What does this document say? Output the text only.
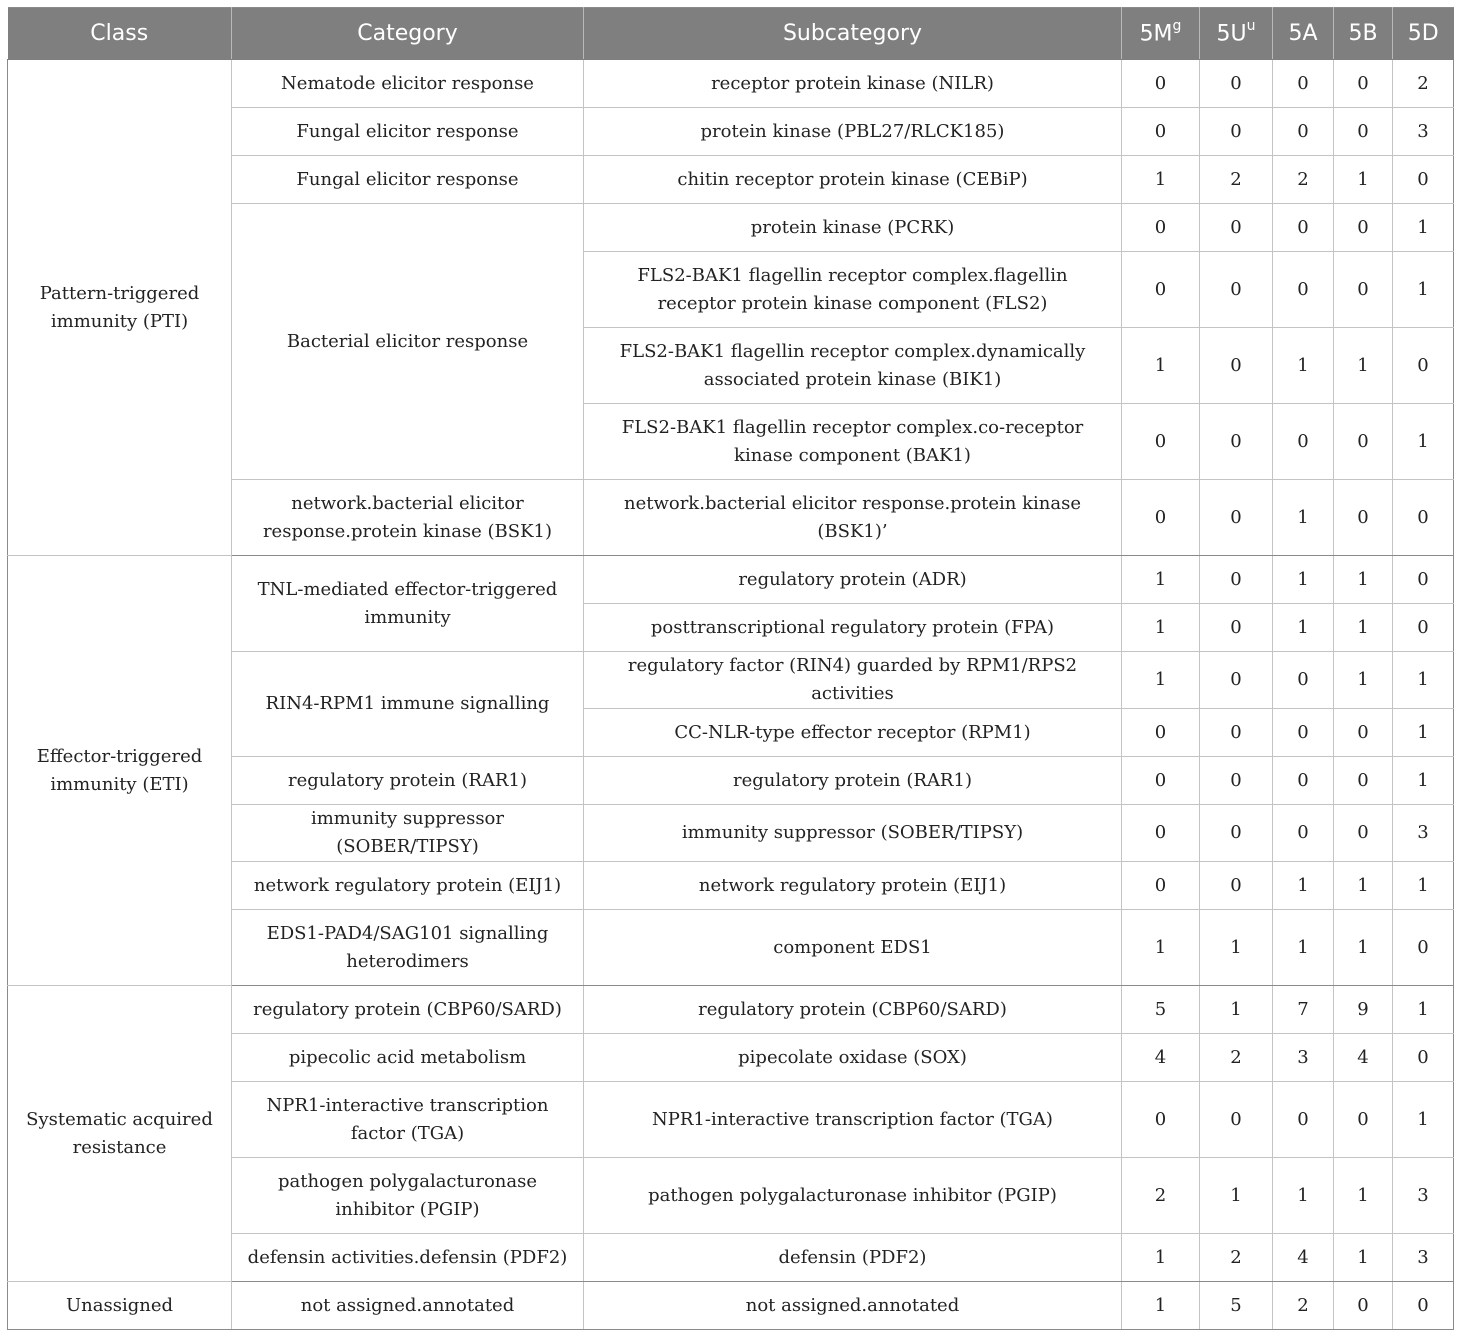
Class	Category	Subcategory	$5M^g$	$5U^u$	5A	5B	5D
Pattern-triggered immunity (PTI)	Nematode elicitor response	receptor protein kinase (NILR)	0	0	0	0	2
	Fungal elicitor response	protein kinase (PBL27/RLCK185)	0	0	0	0	3
	Fungal elicitor response	chitin receptor protein kinase (CEBiP)	1	2	2	1	0
	Bacterial elicitor response	protein kinase (PCRK)	0	0	0	0	1
		FLS2-BAK1 flagellin receptor complex.flagellin receptor protein kinase component (FLS2)	0	0	0	0	1
		FLS2-BAK1 flagellin receptor complex.dynamically associated protein kinase (BIK1)	1	0	1	1	0
		FLS2-BAK1 flagellin receptor complex.co-receptor kinase component (BAK1)	0	0	0	0	1
	network.bacterial elicitor response.protein kinase (BSK1)	network.bacterial elicitor response.protein kinase (BSK1)’	0	0	1	0	0
Effector-triggered immunity (ETI)	TNL-mediated effector-triggered immunity	regulatory protein (ADR)	1	0	1	1	0
		posttranscriptional regulatory protein (FPA)	1	0	1	1	0
	RIN4-RPM1 immune signalling	regulatory factor (RIN4) guarded by RPM1/RPS2 activities	1	0	0	1	1
		CC-NLR-type effector receptor (RPM1)	0	0	0	0	1
	regulatory protein (RAR1)	regulatory protein (RAR1)	0	0	0	0	1
	immunity suppressor (SOBER/TIPSY)	immunity suppressor (SOBER/TIPSY)	0	0	0	0	3
	network regulatory protein (EIJ1)	network regulatory protein (EIJ1)	0	0	1	1	1
	EDS1-PAD4/SAG101 signalling heterodimers	component EDS1	1	1	1	1	0
Systematic acquired resistance	regulatory protein (CBP60/SARD)	regulatory protein (CBP60/SARD)	5	1	7	9	1
	pipecolic acid metabolism	pipecolate oxidase (SOX)	4	2	3	4	0
	NPR1-interactive transcription factor (TGA)	NPR1-interactive transcription factor (TGA)	0	0	0	0	1
	pathogen polygalacturonase inhibitor (PGIP)	pathogen polygalacturonase inhibitor (PGIP)	2	1	1	1	3
	defensin activities.defensin (PDF2)	defensin (PDF2)	1	2	4	1	3
Unassigned	not assigned.annotated	not assigned.annotated	1	5	2	0	0
